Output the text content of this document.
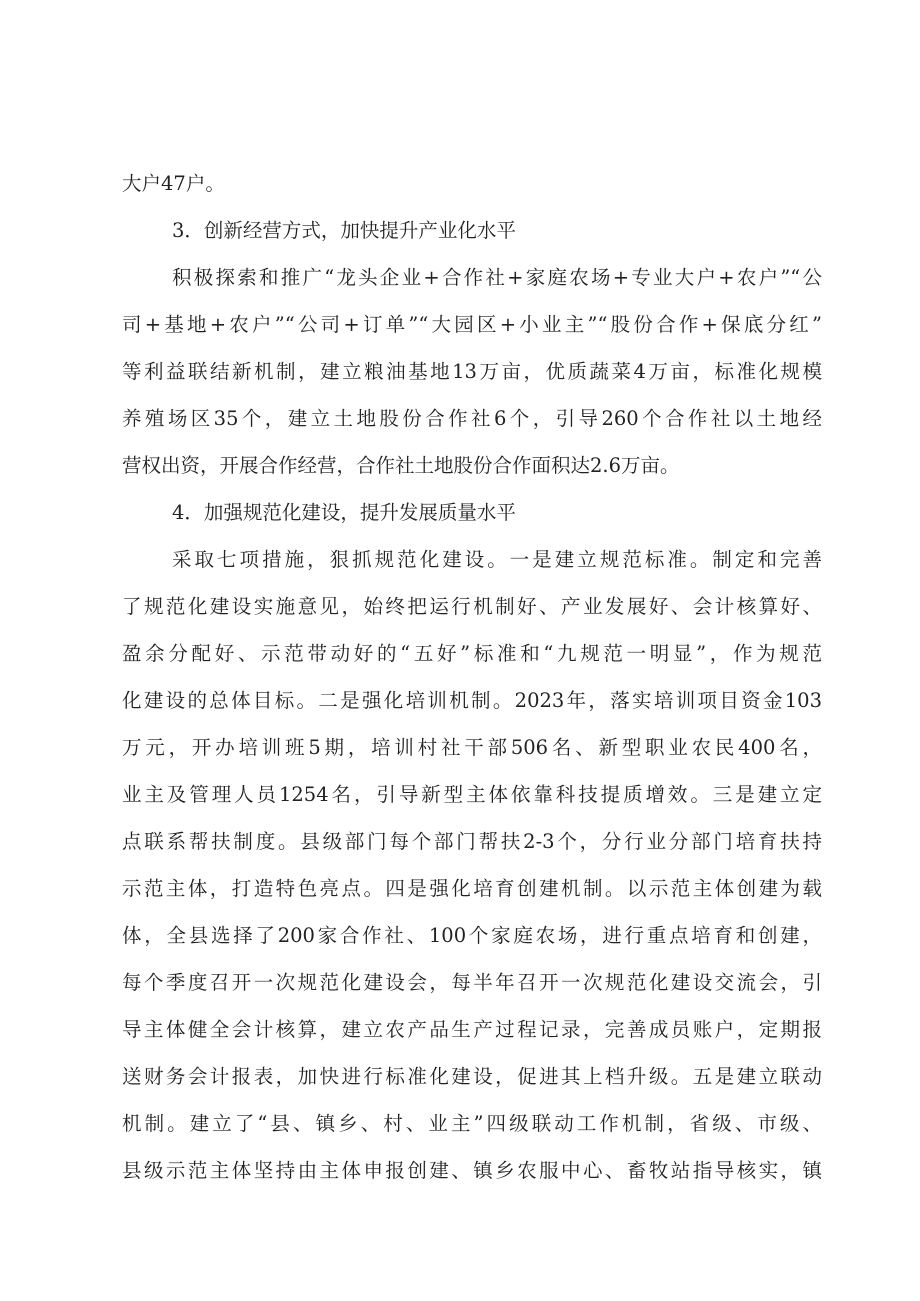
大户47户。

3．创新经营方式，加快提升产业化水平

积极探索和推广“龙头企业+合作社+家庭农场+专业大户+农户”“公

司+基地+农户”“公司+订单”“大园区+小业主”“股份合作+保底分红”

等利益联结新机制，建立粮油基地13万亩，优质蔬菜4万亩，标准化规模

养殖场区35个，建立土地股份合作社6个，引导260个合作社以土地经

营权出资，开展合作经营，合作社土地股份合作面积达2.6万亩。

4．加强规范化建设，提升发展质量水平

采取七项措施，狠抓规范化建设。一是建立规范标准。制定和完善

了规范化建设实施意见，始终把运行机制好、产业发展好、会计核算好、

盈余分配好、示范带动好的“五好”标准和“九规范一明显”，作为规范

化建设的总体目标。二是强化培训机制。2023年，落实培训项目资金103

万元，开办培训班5期，培训村社干部506名、新型职业农民400名，

业主及管理人员1254名，引导新型主体依靠科技提质增效。三是建立定

点联系帮扶制度。县级部门每个部门帮扶2-3个，分行业分部门培育扶持

示范主体，打造特色亮点。四是强化培育创建机制。以示范主体创建为载

体，全县选择了200家合作社、100个家庭农场，进行重点培育和创建，

每个季度召开一次规范化建设会，每半年召开一次规范化建设交流会，引

导主体健全会计核算，建立农产品生产过程记录，完善成员账户，定期报

送财务会计报表，加快进行标准化建设，促进其上档升级。五是建立联动

机制。建立了“县、镇乡、村、业主”四级联动工作机制，省级、市级、

县级示范主体坚持由主体申报创建、镇乡农服中心、畜牧站指导核实，镇
